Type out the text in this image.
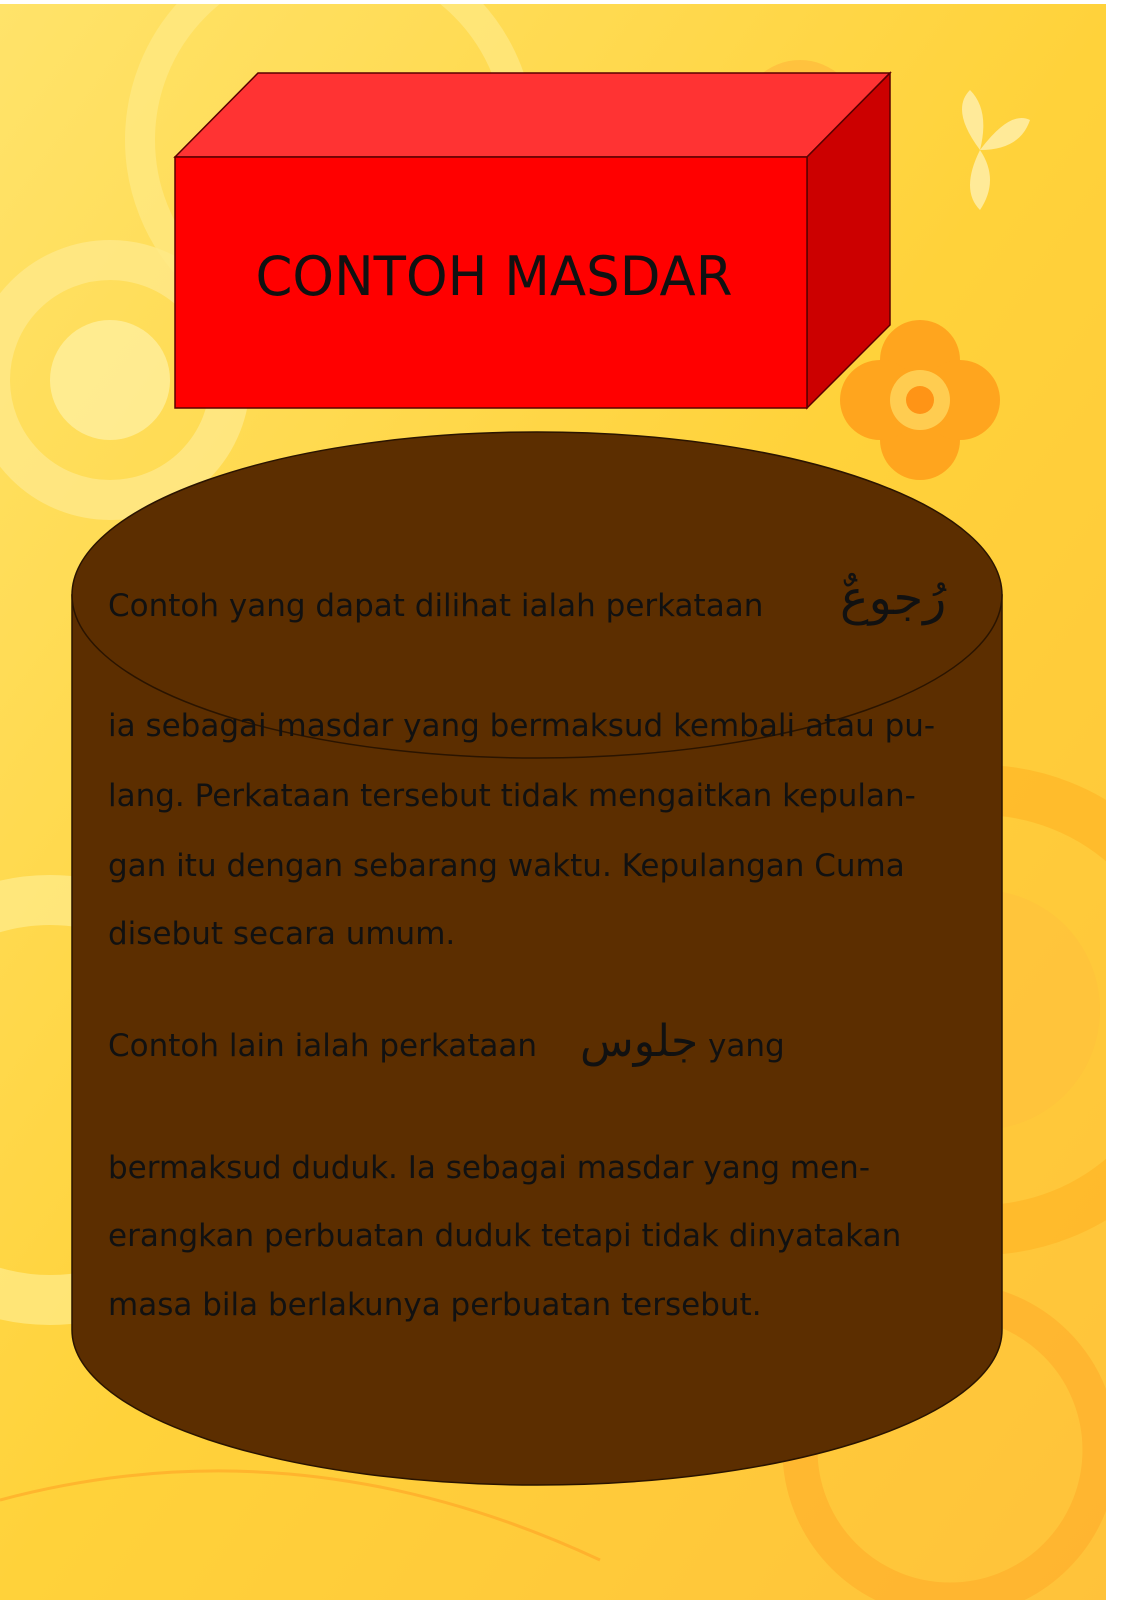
CONTOH MASDAR
Contoh yang dapat dilihat ialah perkataan	رُجوعٌ
ia sebagai masdar yang bermaksud kembali atau pu-
lang. Perkataan tersebut tidak mengaitkan kepulan-
gan itu dengan sebarang waktu. Kepulangan Cuma
disebut secara umum.
Contoh lain ialah perkataan جلوس yang
bermaksud duduk. Ia sebagai masdar yang men-
erangkan perbuatan duduk tetapi tidak dinyatakan
masa bila berlakunya perbuatan tersebut.
